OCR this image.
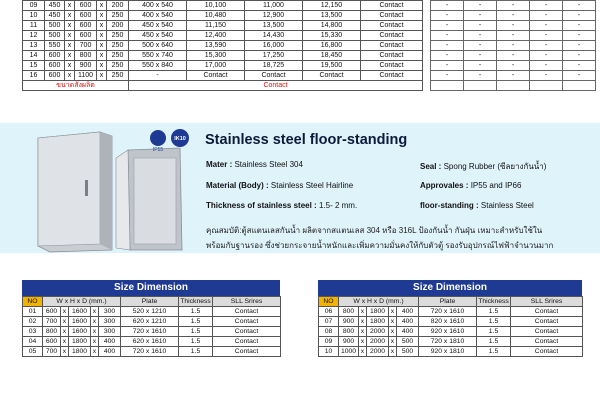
09	450	x	600	x	200	400 x 540	10,100	11,000	12,150	Contact
10	450	x	600	x	250	400 x 540	10,480	12,900	13,500	Contact
11	500	x	600	x	200	450 x 540	11,150	13,500	14,800	Contact
12	500	x	600	x	250	450 x 540	12,400	14,430	15,330	Contact
13	550	x	700	x	250	500 x 640	13,590	16,000	16,800	Contact
14	600	x	800	x	250	550 x 740	15,300	17,250	18,450	Contact
15	600	x	900	x	250	550 x 840	17,000	18,725	19,500	Contact
16	600	x	1100	x	250	-	Contact	Contact	Contact	Contact
ขนาดสั่งผลิต						Contact				
-	-	-	-	-
-	-	-	-	-
-	-	-	-	-
-	-	-	-	-
-	-	-	-	-
-	-	-	-	-
-	-	-	-	-
-	-	-	-	-

IP55
IK10 Stainless steel floor-standing
Mater : Stainless Steel 304
Material (Body) : Stainless Steel Hairline
Thickness of stainless steel : 1.5- 2 mm.
Seal : Spong Rubber (ซีลยางกันน้ำ)
Approvales : IP55 and IP66
floor-standing : Stainless Steel
คุณสมบัติ:ตู้สแตนเลสกันน้ำ ผลิตจากสแตนเลส 304 หรือ 316L ป้องกันน้ำ กันฝุ่น เหมาะสำหรับใช้ใน
พร้อมกับฐานรอง ซึ่งช่วยกระจายน้ำหนักและเพิ่มความมั่นคงให้กับตัวตู้ รองรับอุปกรณ์ไฟฟ้าจำนวนมาก
Size Dimension
NO	W x H x D (mm.)					Plate	Thickness	SLL Srires
01	600	x	1600	x	300	520 x 1210	1.5	Contact
02	700	x	1600	x	300	620 x 1210	1.5	Contact
03	800	x	1600	x	300	720 x 1610	1.5	Contact
04	600	x	1800	x	400	620 x 1610	1.5	Contact
05	700	x	1800	x	400	720 x 1610	1.5	Contact
Size Dimension
NO	W x H x D (mm.)					Plate	Thickness	SLL Srires
06	800	x	1800	x	400	720 x 1610	1.5	Contact
07	900	x	1800	x	400	820 x 1610	1.5	Contact
08	800	x	2000	x	400	920 x 1610	1.5	Contact
09	900	x	2000	x	500	720 x 1810	1.5	Contact
10	1000	x	2000	x	500	920 x 1810	1.5	Contact
